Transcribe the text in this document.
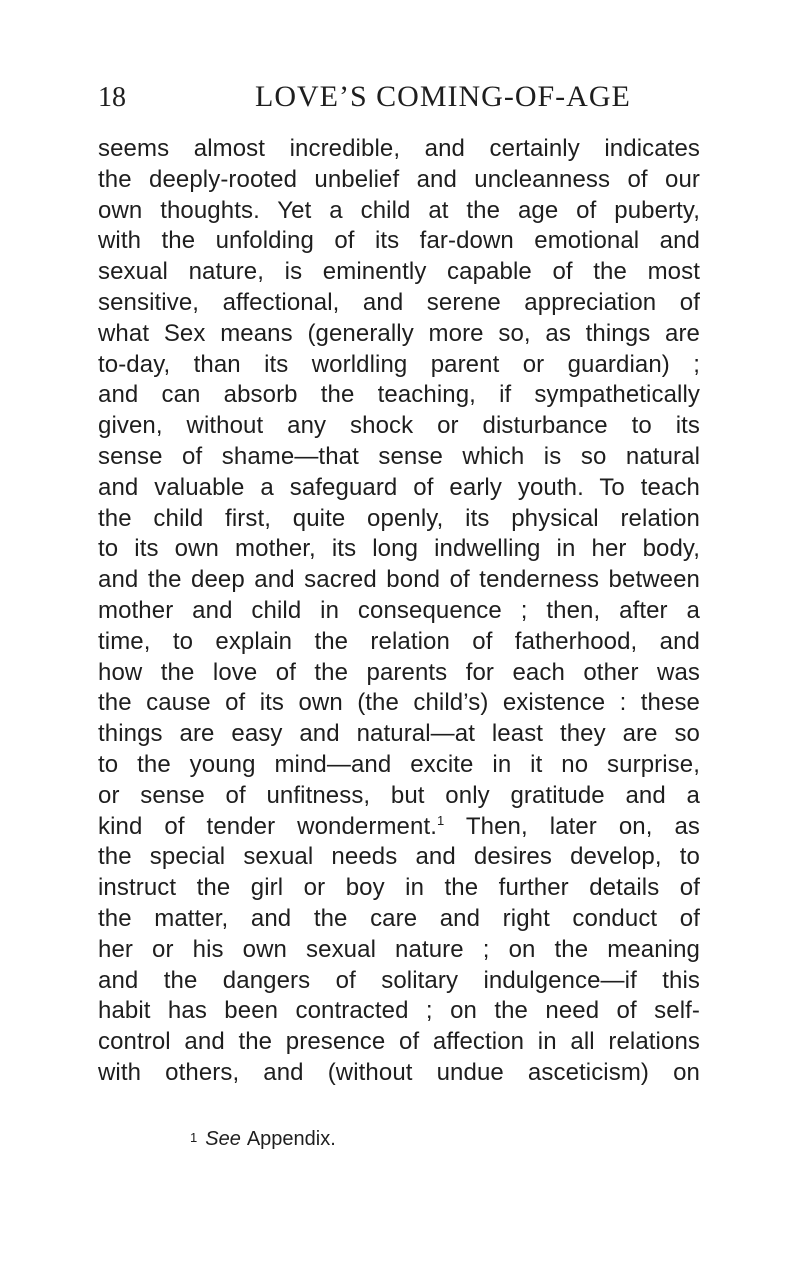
18	LOVE’S COMING-OF-AGE
seems almost incredible, and certainly indicates
the deeply-rooted unbelief and uncleanness of our
own thoughts. Yet a child at the age of puberty,
with the unfolding of its far-down emotional and
sexual nature, is eminently capable of the most
sensitive, affectional, and serene appreciation of
what Sex means (generally more so, as things are
to-day, than its worldling parent or guardian) ;
and can absorb the teaching, if sympathetically
given, without any shock or disturbance to its
sense of shame—that sense which is so natural
and valuable a safeguard of early youth. To teach
the child first, quite openly, its physical relation
to its own mother, its long indwelling in her body,
and the deep and sacred bond of tenderness between
mother and child in consequence ; then, after a
time, to explain the relation of fatherhood, and
how the love of the parents for each other was
the cause of its own (the child’s) existence : these
things are easy and natural—at least they are so
to the young mind—and excite in it no surprise,
or sense of unfitness, but only gratitude and a
kind of tender wonderment.$^1$ Then, later on, as
the special sexual needs and desires develop, to
instruct the girl or boy in the further details of
the matter, and the care and right conduct of
her or his own sexual nature ; on the meaning
and the dangers of solitary indulgence—if this
habit has been contracted ; on the need of self-
control and the presence of affection in all relations
with others, and (without undue asceticism) on
1 See Appendix.
